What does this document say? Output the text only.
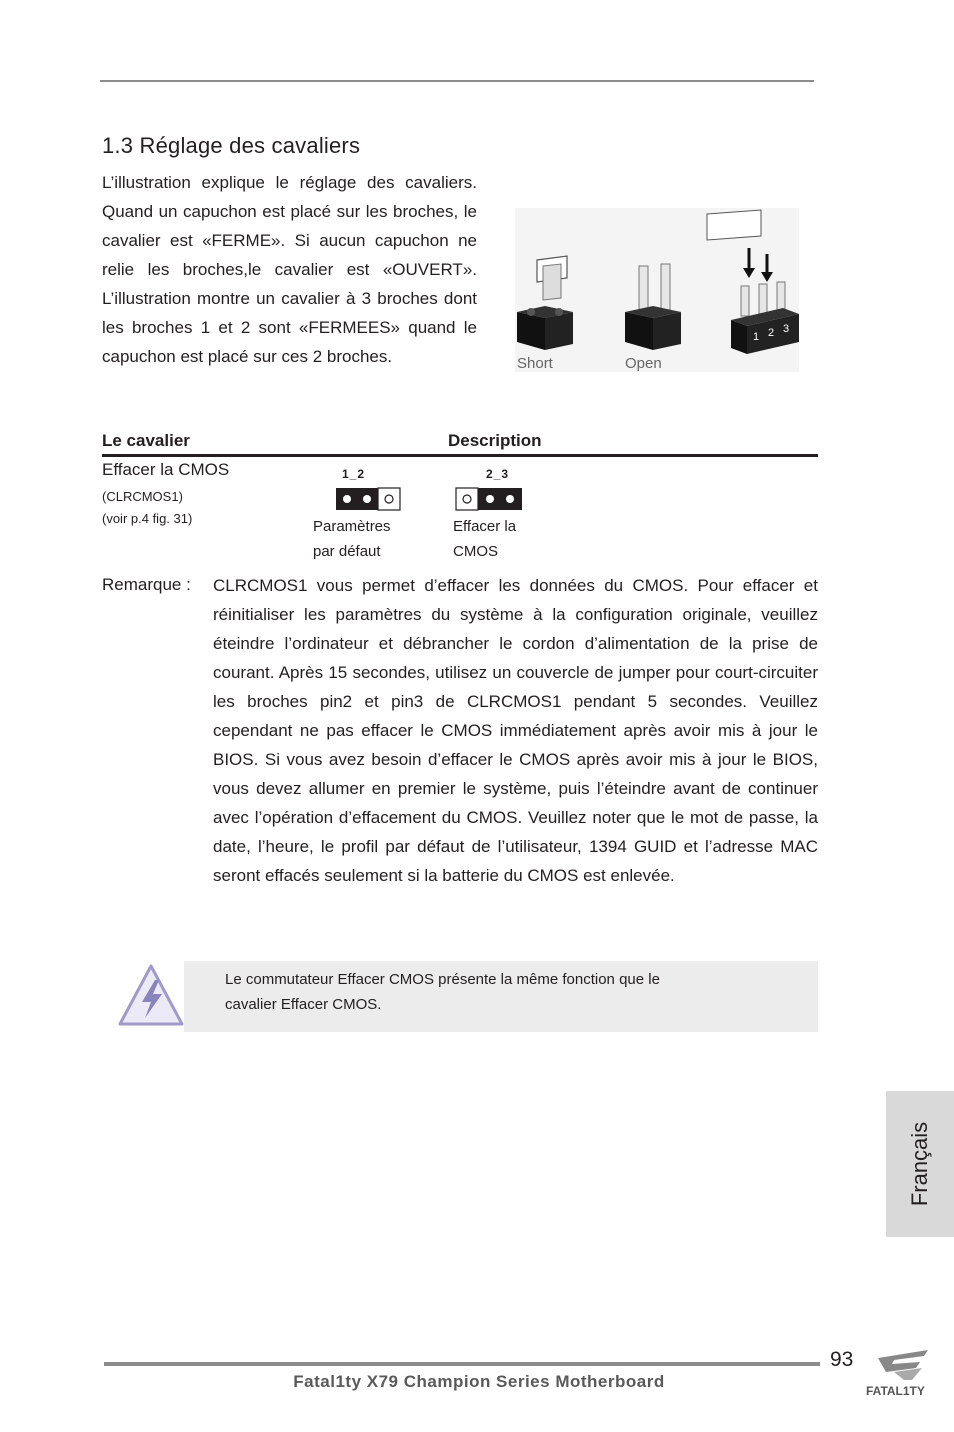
1.3 Réglage des cavaliers
L’illustration explique le réglage des cavaliers. Quand un capuchon est placé sur les broches, le cavalier est «FERME». Si aucun capuchon ne relie les broches,le cavalier est «OUVERT». L’illustration montre un cavalier à 3 broches dont les broches 1 et 2 sont «FERMEES» quand le capuchon est placé sur ces 2 broches.
1 2 3
Short	Open
Le cavalier	Description
Effacer la CMOS
(CLRCMOS1)
(voir p.4 fig. 31)
1_2
Paramètres
par défaut
2_3
Effacer la
CMOS
Remarque : CLRCMOS1 vous permet d’effacer les données du CMOS. Pour effacer et réinitialiser les paramètres du système à la configuration originale, veuillez éteindre l’ordinateur et débrancher le cordon d’alimentation de la prise de courant. Après 15 secondes, utilisez un couvercle de jumper pour court-circuiter les broches pin2 et pin3 de CLRCMOS1 pendant 5 secondes. Veuillez cependant ne pas effacer le CMOS immédiatement après avoir mis à jour le BIOS. Si vous avez besoin d’effacer le CMOS après avoir mis à jour le BIOS, vous devez allumer en premier le système, puis l’éteindre avant de continuer avec l’opération d’effacement du CMOS. Veuillez noter que le mot de passe, la date, l’heure, le profil par défaut de l’utilisateur, 1394 GUID et l’adresse MAC seront effacés seulement si la batterie du CMOS est enlevée.
Le commutateur Effacer CMOS présente la même fonction que le
cavalier Effacer CMOS.
Français
93
Fatal1ty X79 Champion Series Motherboard	FATAL1TY
